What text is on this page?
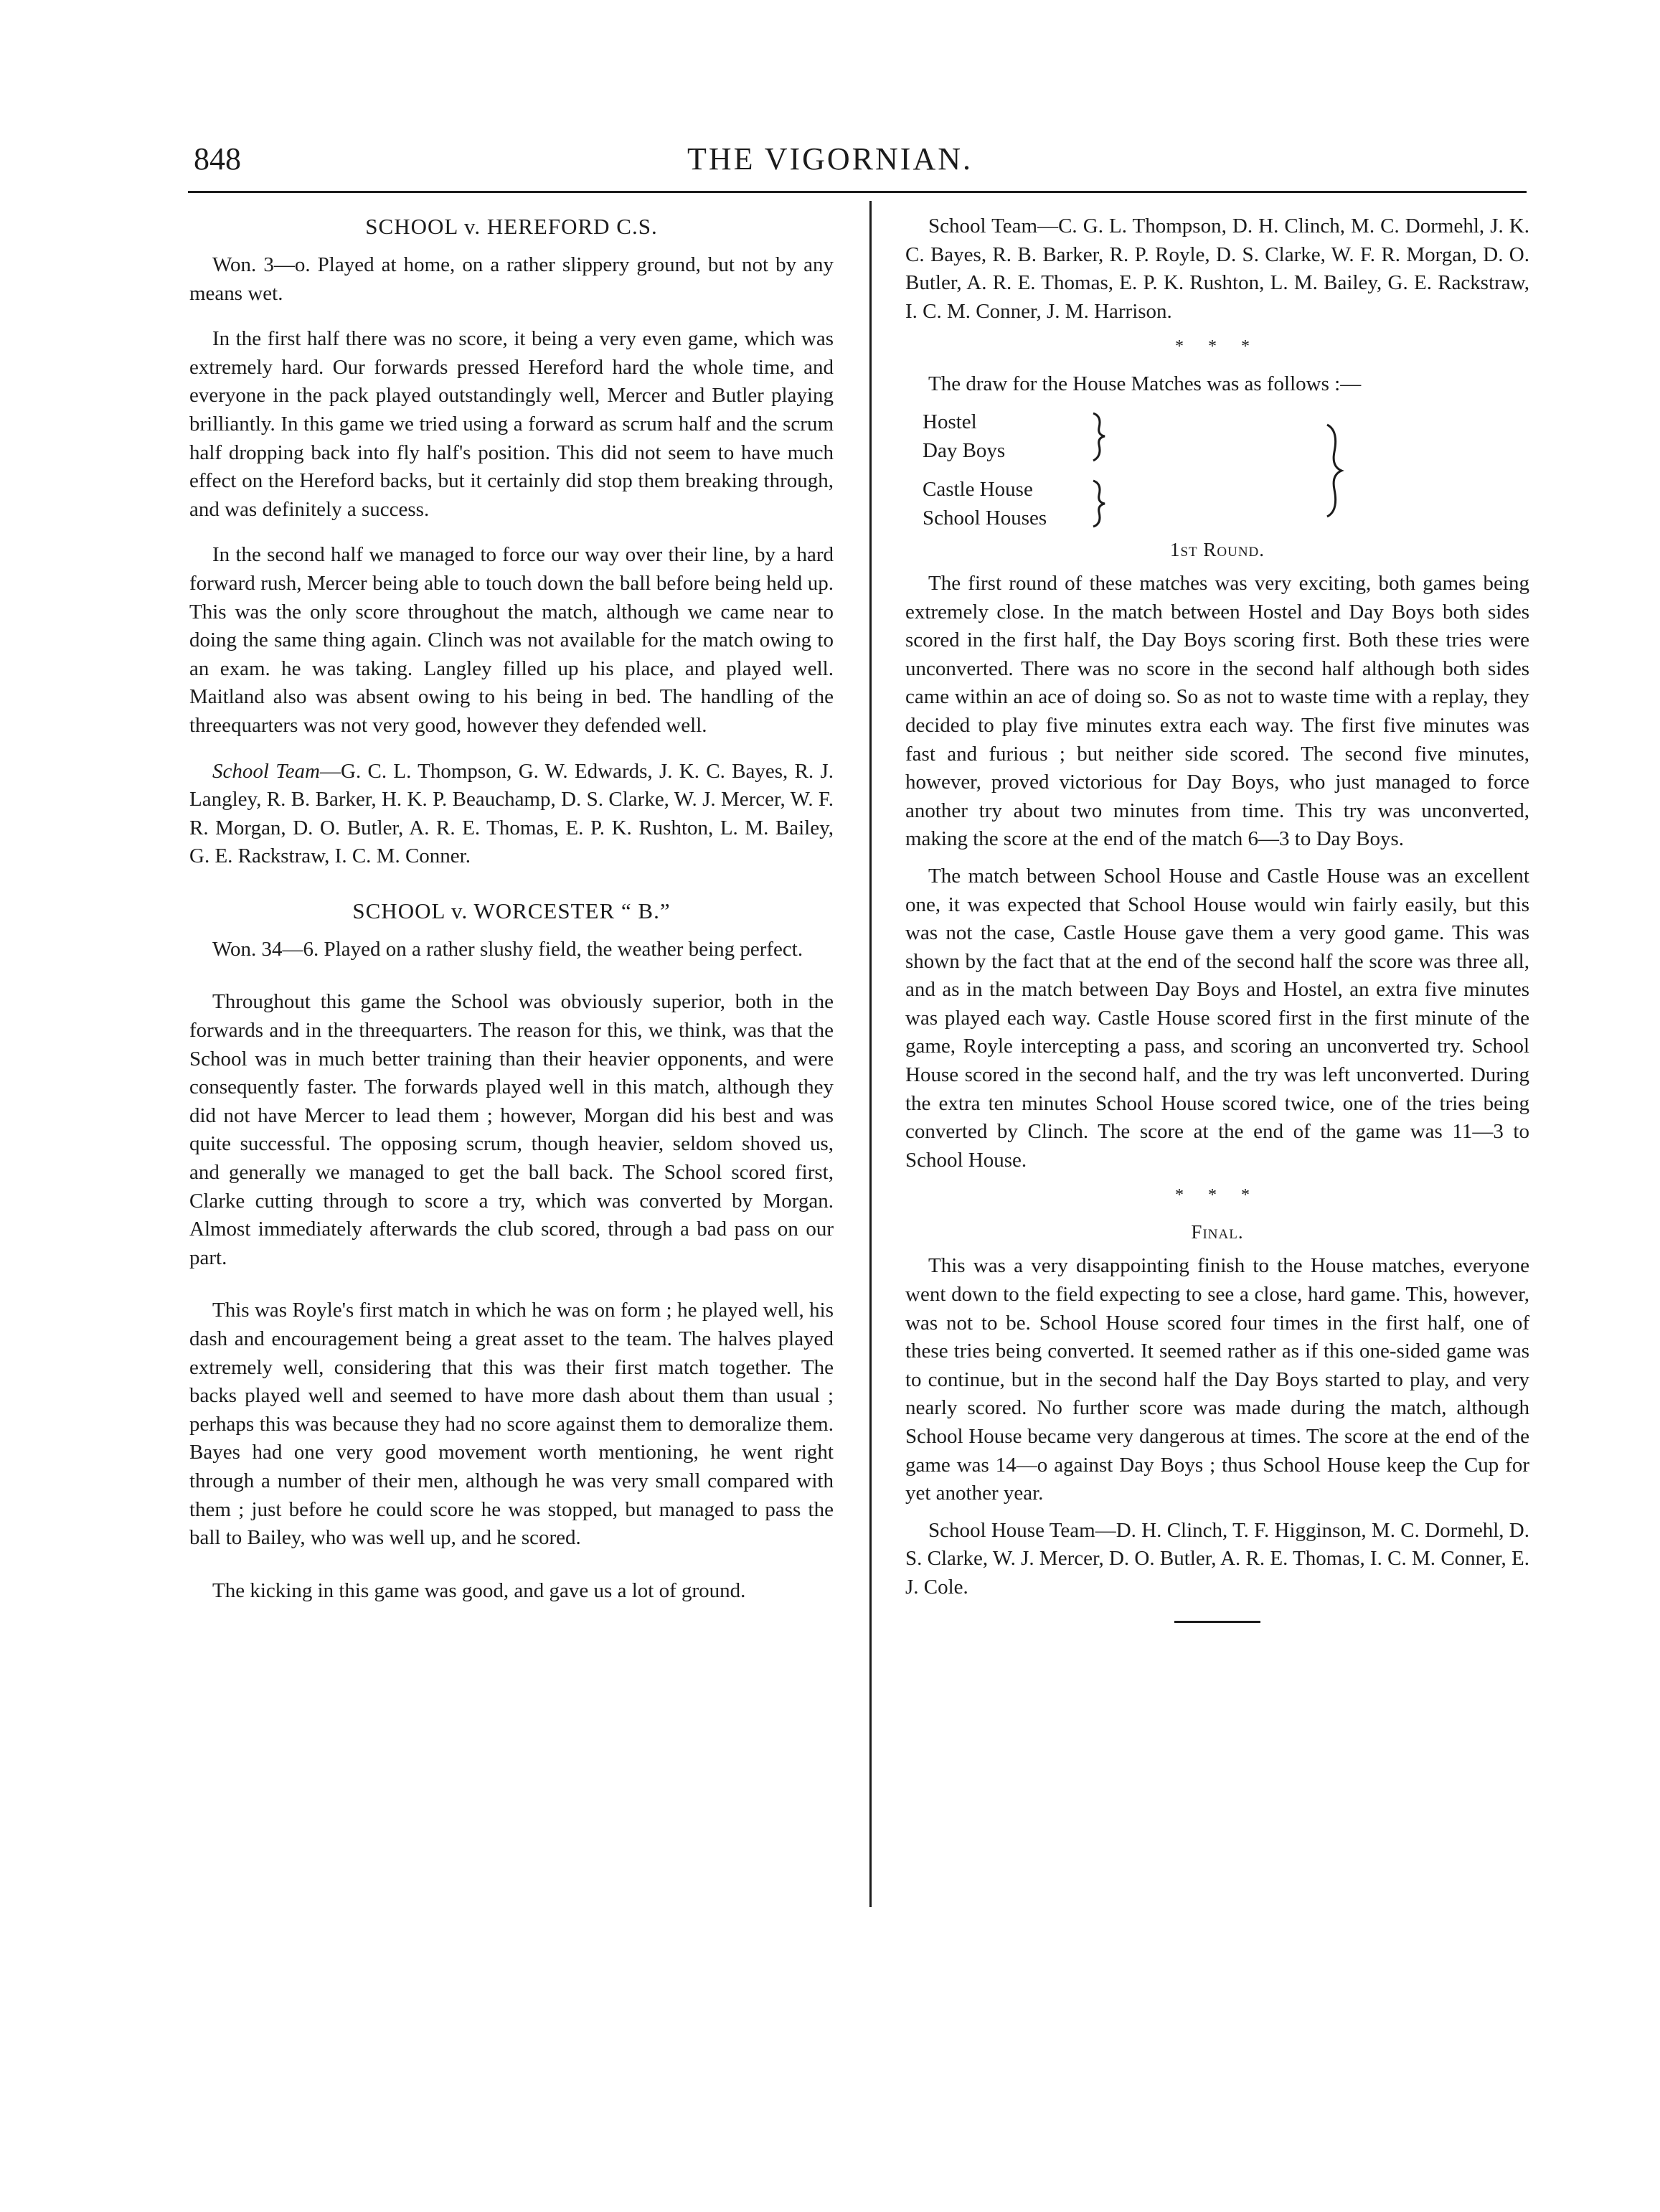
848	THE VIGORNIAN.
SCHOOL v. HEREFORD C.S.
Won. 3—o. Played at home, on a rather slippery ground, but not by any means wet.
In the first half there was no score, it being a very even game, which was extremely hard. Our forwards pressed Hereford hard the whole time, and everyone in the pack played outstandingly well, Mercer and Butler playing brilliantly. In this game we tried using a forward as scrum half and the scrum half dropping back into fly half's position. This did not seem to have much effect on the Hereford backs, but it certainly did stop them breaking through, and was definitely a success.
In the second half we managed to force our way over their line, by a hard forward rush, Mercer being able to touch down the ball before being held up. This was the only score throughout the match, although we came near to doing the same thing again. Clinch was not available for the match owing to an exam. he was taking. Langley filled up his place, and played well. Maitland also was absent owing to his being in bed. The handling of the threequarters was not very good, however they defended well.
School Team—G. C. L. Thompson, G. W. Edwards, J. K. C. Bayes, R. J. Langley, R. B. Barker, H. K. P. Beauchamp, D. S. Clarke, W. J. Mercer, W. F. R. Morgan, D. O. Butler, A. R. E. Thomas, E. P. K. Rushton, L. M. Bailey, G. E. Rackstraw, I. C. M. Conner.
SCHOOL v. WORCESTER “ B.”
Won. 34—6. Played on a rather slushy field, the weather being perfect.
Throughout this game the School was obviously superior, both in the forwards and in the threequarters. The reason for this, we think, was that the School was in much better training than their heavier opponents, and were consequently faster. The forwards played well in this match, although they did not have Mercer to lead them ; however, Morgan did his best and was quite successful. The opposing scrum, though heavier, seldom shoved us, and generally we managed to get the ball back. The School scored first, Clarke cutting through to score a try, which was converted by Morgan. Almost immediately afterwards the club scored, through a bad pass on our part.
This was Royle's first match in which he was on form ; he played well, his dash and encouragement being a great asset to the team. The halves played extremely well, considering that this was their first match together. The backs played well and seemed to have more dash about them than usual ; perhaps this was because they had no score against them to demoralize them. Bayes had one very good movement worth mentioning, he went right through a number of their men, although he was very small compared with them ; just before he could score he was stopped, but managed to pass the ball to Bailey, who was well up, and he scored.
The kicking in this game was good, and gave us a lot of ground.
School Team—C. G. L. Thompson, D. H. Clinch, M. C. Dormehl, J. K. C. Bayes, R. B. Barker, R. P. Royle, D. S. Clarke, W. F. R. Morgan, D. O. Butler, A. R. E. Thomas, E. P. K. Rushton, L. M. Bailey, G. E. Rackstraw, I. C. M. Conner, J. M. Harrison.
* * *
The draw for the House Matches was as follows :—
Hostel
Day Boys
Castle House
School Houses
1st Round.
The first round of these matches was very exciting, both games being extremely close. In the match between Hostel and Day Boys both sides scored in the first half, the Day Boys scoring first. Both these tries were unconverted. There was no score in the second half although both sides came within an ace of doing so. So as not to waste time with a replay, they decided to play five minutes extra each way. The first five minutes was fast and furious ; but neither side scored. The second five minutes, however, proved victorious for Day Boys, who just managed to force another try about two minutes from time. This try was unconverted, making the score at the end of the match 6—3 to Day Boys.
The match between School House and Castle House was an excellent one, it was expected that School House would win fairly easily, but this was not the case, Castle House gave them a very good game. This was shown by the fact that at the end of the second half the score was three all, and as in the match between Day Boys and Hostel, an extra five minutes was played each way. Castle House scored first in the first minute of the game, Royle intercepting a pass, and scoring an unconverted try. School House scored in the second half, and the try was left unconverted. During the extra ten minutes School House scored twice, one of the tries being converted by Clinch. The score at the end of the game was 11—3 to School House.
* * *
Final.
This was a very disappointing finish to the House matches, everyone went down to the field expecting to see a close, hard game. This, however, was not to be. School House scored four times in the first half, one of these tries being converted. It seemed rather as if this one-sided game was to continue, but in the second half the Day Boys started to play, and very nearly scored. No further score was made during the match, although School House became very dangerous at times. The score at the end of the game was 14—o against Day Boys ; thus School House keep the Cup for yet another year.
School House Team—D. H. Clinch, T. F. Higginson, M. C. Dormehl, D. S. Clarke, W. J. Mercer, D. O. Butler, A. R. E. Thomas, I. C. M. Conner, E. J. Cole.
